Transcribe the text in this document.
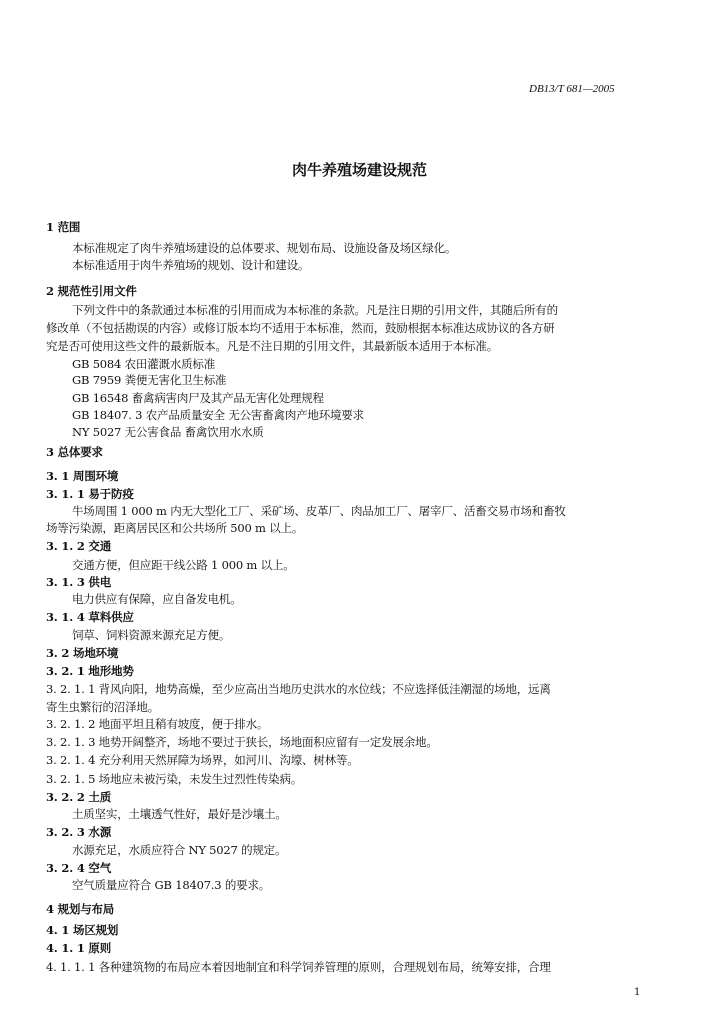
DB13/T 681—2005
肉牛养殖场建设规范
1 范围
本标准规定了肉牛养殖场建设的总体要求、规划布局、设施设备及场区绿化。
本标准适用于肉牛养殖场的规划、设计和建设。
2 规范性引用文件
下列文件中的条款通过本标准的引用而成为本标准的条款。凡是注日期的引用文件，其随后所有的
修改单（不包括勘误的内容）或修订版本均不适用于本标准，然而，鼓励根据本标准达成协议的各方研
究是否可使用这些文件的最新版本。凡是不注日期的引用文件，其最新版本适用于本标准。
GB 5084 农田灌溉水质标准
GB 7959 粪便无害化卫生标准
GB 16548 畜禽病害肉尸及其产品无害化处理规程
GB 18407. 3 农产品质量安全 无公害畜禽肉产地环境要求
NY 5027 无公害食品 畜禽饮用水水质
3 总体要求
3. 1 周围环境
3. 1. 1 易于防疫
牛场周围 1 000 m 内无大型化工厂、采矿场、皮革厂、肉品加工厂、屠宰厂、活畜交易市场和畜牧
场等污染源，距离居民区和公共场所 500 m 以上。
3. 1. 2 交通
交通方便，但应距干线公路 1 000 m 以上。
3. 1. 3 供电
电力供应有保障，应自备发电机。
3. 1. 4 草料供应
饲草、饲料资源来源充足方便。
3. 2 场地环境
3. 2. 1 地形地势
3. 2. 1. 1 背风向阳，地势高燥，至少应高出当地历史洪水的水位线；不应选择低洼潮湿的场地，远离
寄生虫繁衍的沼泽地。
3. 2. 1. 2 地面平坦且稍有坡度，便于排水。
3. 2. 1. 3 地势开阔整齐，场地不要过于狭长，场地面积应留有一定发展余地。
3. 2. 1. 4 充分利用天然屏障为场界，如河川、沟壕、树林等。
3. 2. 1. 5 场地应未被污染，未发生过烈性传染病。
3. 2. 2 土质
土质坚实，土壤透气性好，最好是沙壤土。
3. 2. 3 水源
水源充足，水质应符合 NY 5027 的规定。
3. 2. 4 空气
空气质量应符合 GB 18407.3 的要求。
4 规划与布局
4. 1 场区规划
4. 1. 1 原则
4. 1. 1. 1 各种建筑物的布局应本着因地制宜和科学饲养管理的原则，合理规划布局，统筹安排，合理
1
